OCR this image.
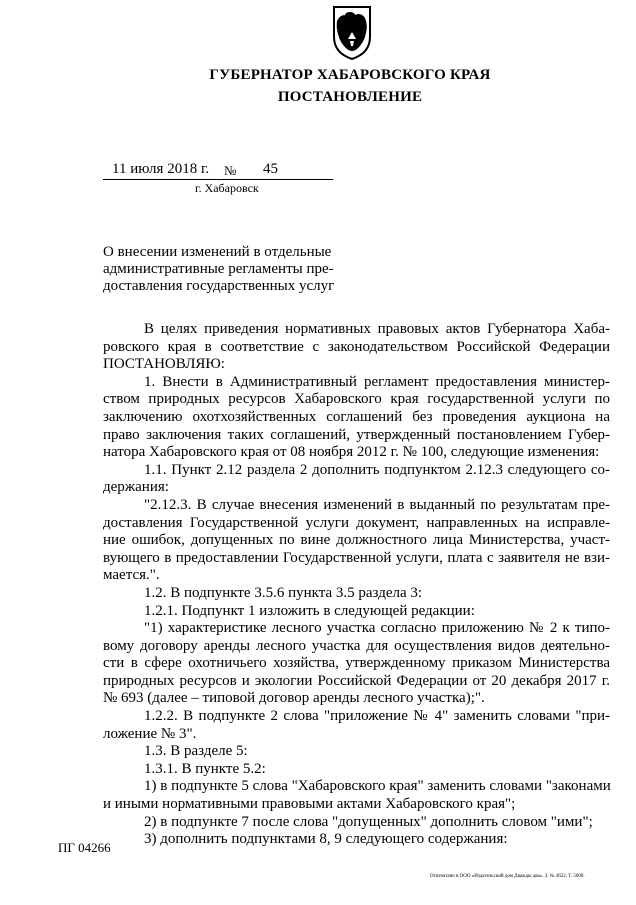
ГУБЕРНАТОР ХАБАРОВСКОГО КРАЯ
ПОСТАНОВЛЕНИЕ
11 июля 2018 г. № 45
г. Хабаровск
О внесении изменений в отдельные
административные регламенты пре-
доставления государственных услуг
В целях приведения нормативных правовых актов Губернатора Хаба-
ровского края в соответствие с законодательством Российской Федерации
ПОСТАНОВЛЯЮ:
1. Внести в Административный регламент предоставления министер-
ством природных ресурсов Хабаровского края государственной услуги по
заключению охотхозяйственных соглашений без проведения аукциона на
право заключения таких соглашений, утвержденный постановлением Губер-
натора Хабаровского края от 08 ноября 2012 г. № 100, следующие изменения:
1.1. Пункт 2.12 раздела 2 дополнить подпунктом 2.12.3 следующего со-
держания:
"2.12.3. В случае внесения изменений в выданный по результатам пре-
доставления Государственной услуги документ, направленных на исправле-
ние ошибок, допущенных по вине должностного лица Министерства, участ-
вующего в предоставлении Государственной услуги, плата с заявителя не взи-
мается.".
1.2. В подпункте 3.5.6 пункта 3.5 раздела 3:
1.2.1. Подпункт 1 изложить в следующей редакции:
"1) характеристике лесного участка согласно приложению № 2 к типо-
вому договору аренды лесного участка для осуществления видов деятельно-
сти в сфере охотничьего хозяйства, утвержденному приказом Министерства
природных ресурсов и экологии Российской Федерации от 20 декабря 2017 г.
№ 693 (далее – типовой договор аренды лесного участка);".
1.2.2. В подпункте 2 слова "приложение № 4" заменить словами "при-
ложение № 3".
1.3. В разделе 5:
1.3.1. В пункте 5.2:
1) в подпункте 5 слова "Хабаровского края" заменить словами "законами
и иными нормативными правовыми актами Хабаровского края";
2) в подпункте 7 после слова "допущенных" дополнить словом "ими";
3) дополнить подпунктами 8, 9 следующего содержания:
ПГ 04266
Отпечатано в ООО «Издательский дом Дважды два». З. № 4622. Т. 5000.
